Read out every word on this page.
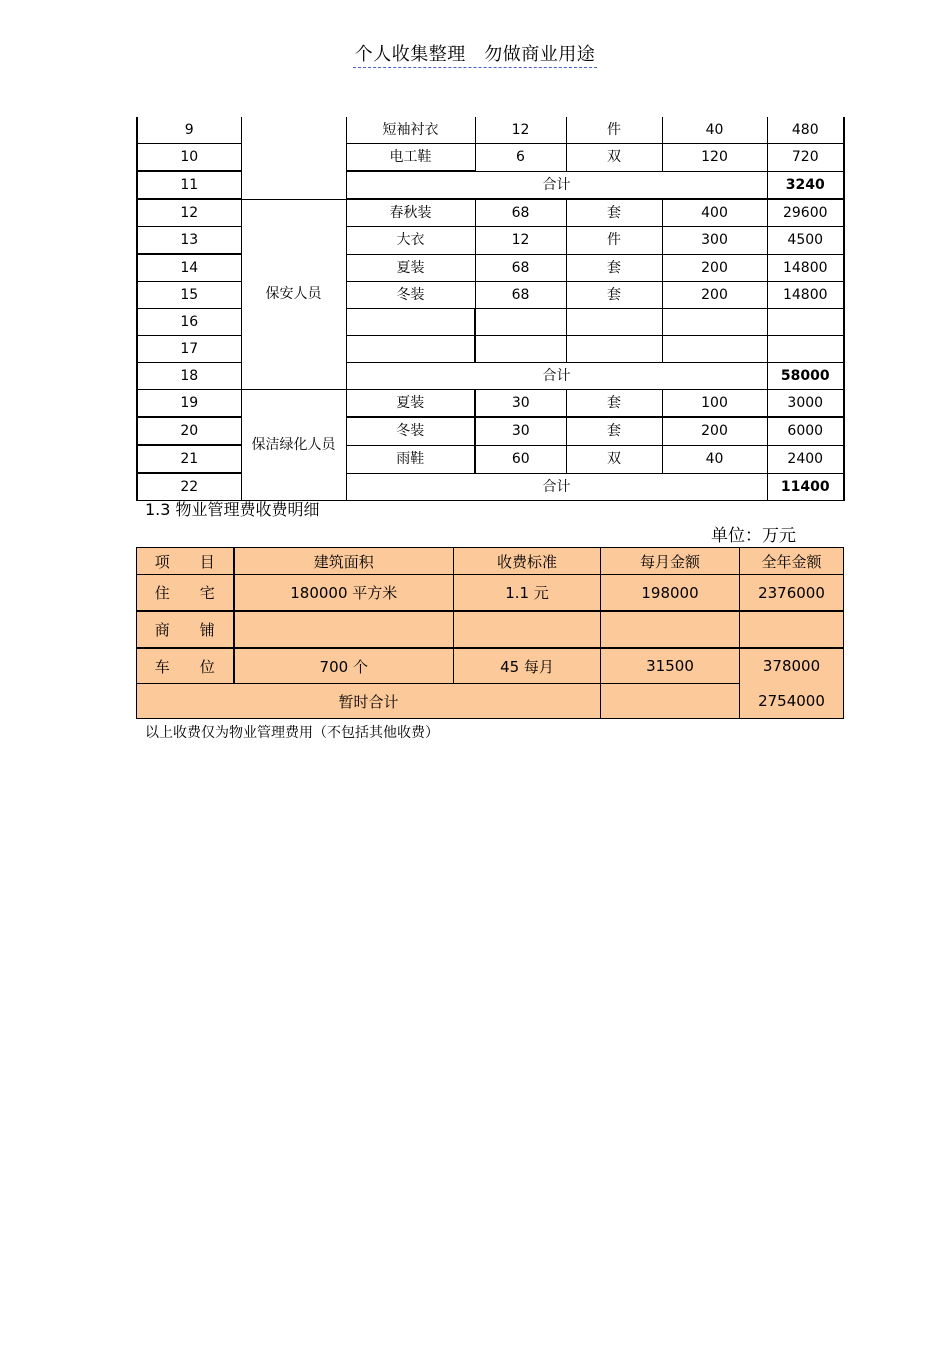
个人收集整理　勿做商业用途
9		短袖衬衣	12	件	40	480
10		电工鞋	6	双	120	720
11		合计				3240
12	保安人员	春秋装	68	套	400	29600
13		大衣	12	件	300	4500
14		夏装	68	套	200	14800
15		冬装	68	套	200	14800
16						
17						
18		合计				58000
19	保洁绿化人员	夏装	30	套	100	3000
20		冬装	30	套	200	6000
21		雨鞋	60	双	40	2400
22		合计				11400
1.3 物业管理费收费明细
单位：万元
项　　目	建筑面积	收费标准	每月金额	全年金额
住　　宅	180000 平方米	1.1 元	198000	2376000
商　　铺				
车　　位	700 个	45 每月	31500	378000
暂时合计				2754000
以上收费仅为物业管理费用（不包括其他收费）
